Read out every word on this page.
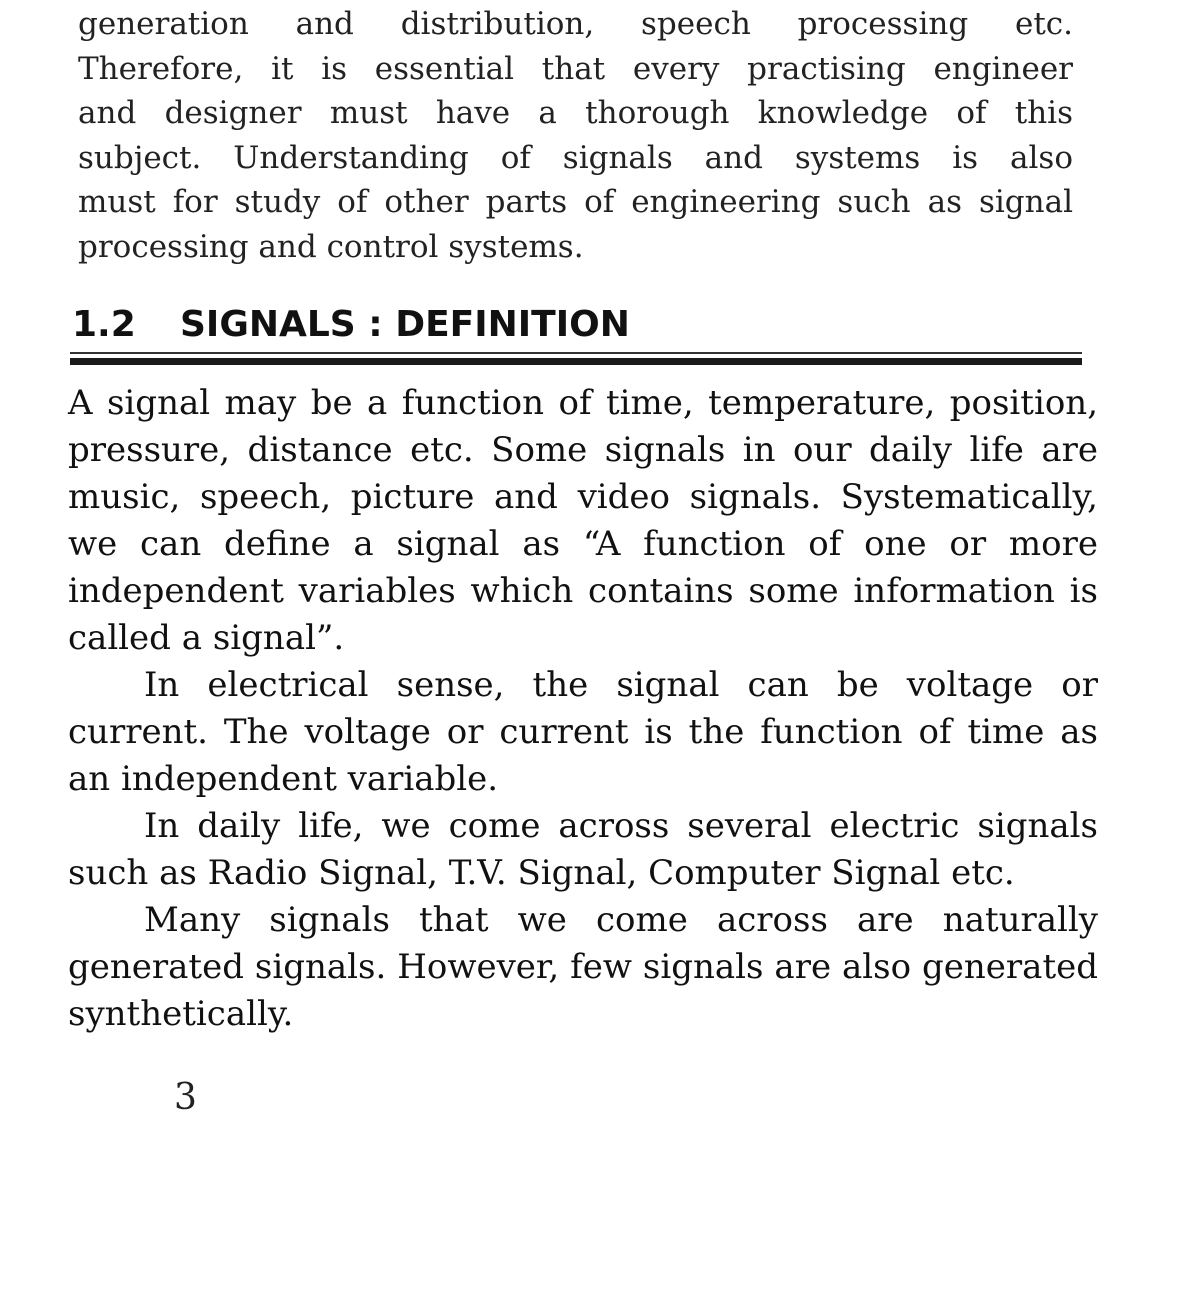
generation and distribution, speech processing etc.
Therefore, it is essential that every practising engineer
and designer must have a thorough knowledge of this
subject. Understanding of signals and systems is also
must for study of other parts of engineering such as signal
processing and control systems.
1.2 SIGNALS : DEFINITION

A signal may be a function of time, temperature, position, pressure, distance etc. Some signals in our daily life are music, speech, picture and video signals. Systematically, we can define a signal as “A function of one or more independent variables which contains some information is called a signal”.

In electrical sense, the signal can be voltage or current. The voltage or current is the function of time as an independent variable.

In daily life, we come across several electric signals such as Radio Signal, T.V. Signal, Computer Signal etc.

Many signals that we come across are naturally generated signals. However, few signals are also generated synthetically.

3
